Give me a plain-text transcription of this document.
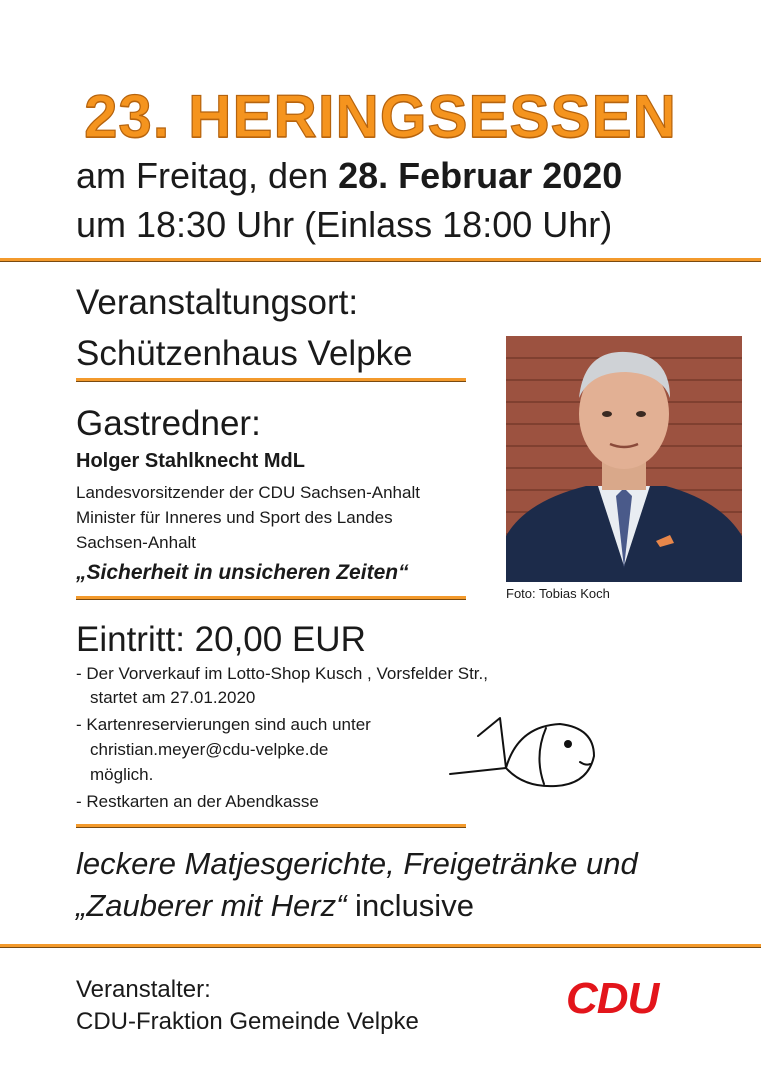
23. HERINGSESSEN
am Freitag, den 28. Februar 2020
um 18:30 Uhr (Einlass 18:00 Uhr)
Veranstaltungsort:
Schützenhaus Velpke
Gastredner:
Holger Stahlknecht MdL
Landesvorsitzender der CDU Sachsen-Anhalt
Minister für Inneres und Sport des Landes
Sachsen-Anhalt
„Sicherheit in unsicheren Zeiten“
Foto: Tobias Koch
Eintritt: 20,00 EUR
- Der Vorverkauf im Lotto-Shop Kusch , Vorsfelder Str.,
startet am 27.01.2020
- Kartenreservierungen sind auch unter
christian.meyer@cdu-velpke.de
möglich.
- Restkarten an der Abendkasse
leckere Matjesgerichte, Freigetränke und
„Zauberer mit Herz“ inclusive
Veranstalter:
CDU-Fraktion Gemeinde Velpke	CDU
